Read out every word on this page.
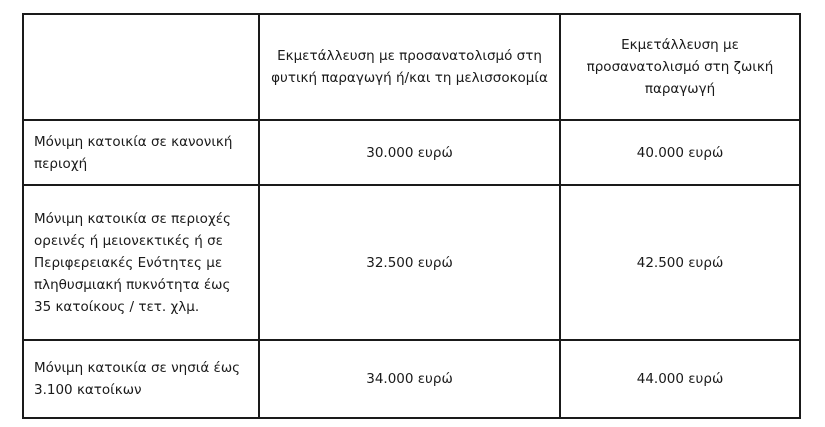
	Εκμετάλλευση με προσανατολισμό στη φυτική παραγωγή ή/και τη μελισσοκομία	Εκμετάλλευση με προσανατολισμό στη ζωική παραγωγή
Μόνιμη κατοικία σε κανονική περιοχή	30.000 ευρώ	40.000 ευρώ
Μόνιμη κατοικία σε περιοχές ορεινές ή μειονεκτικές ή σε Περιφερειακές Ενότητες με πληθυσμιακή πυκνότητα έως 35 κατοίκους / τετ. χλμ.	32.500 ευρώ	42.500 ευρώ
Μόνιμη κατοικία σε νησιά έως 3.100 κατοίκων	34.000 ευρώ	44.000 ευρώ
